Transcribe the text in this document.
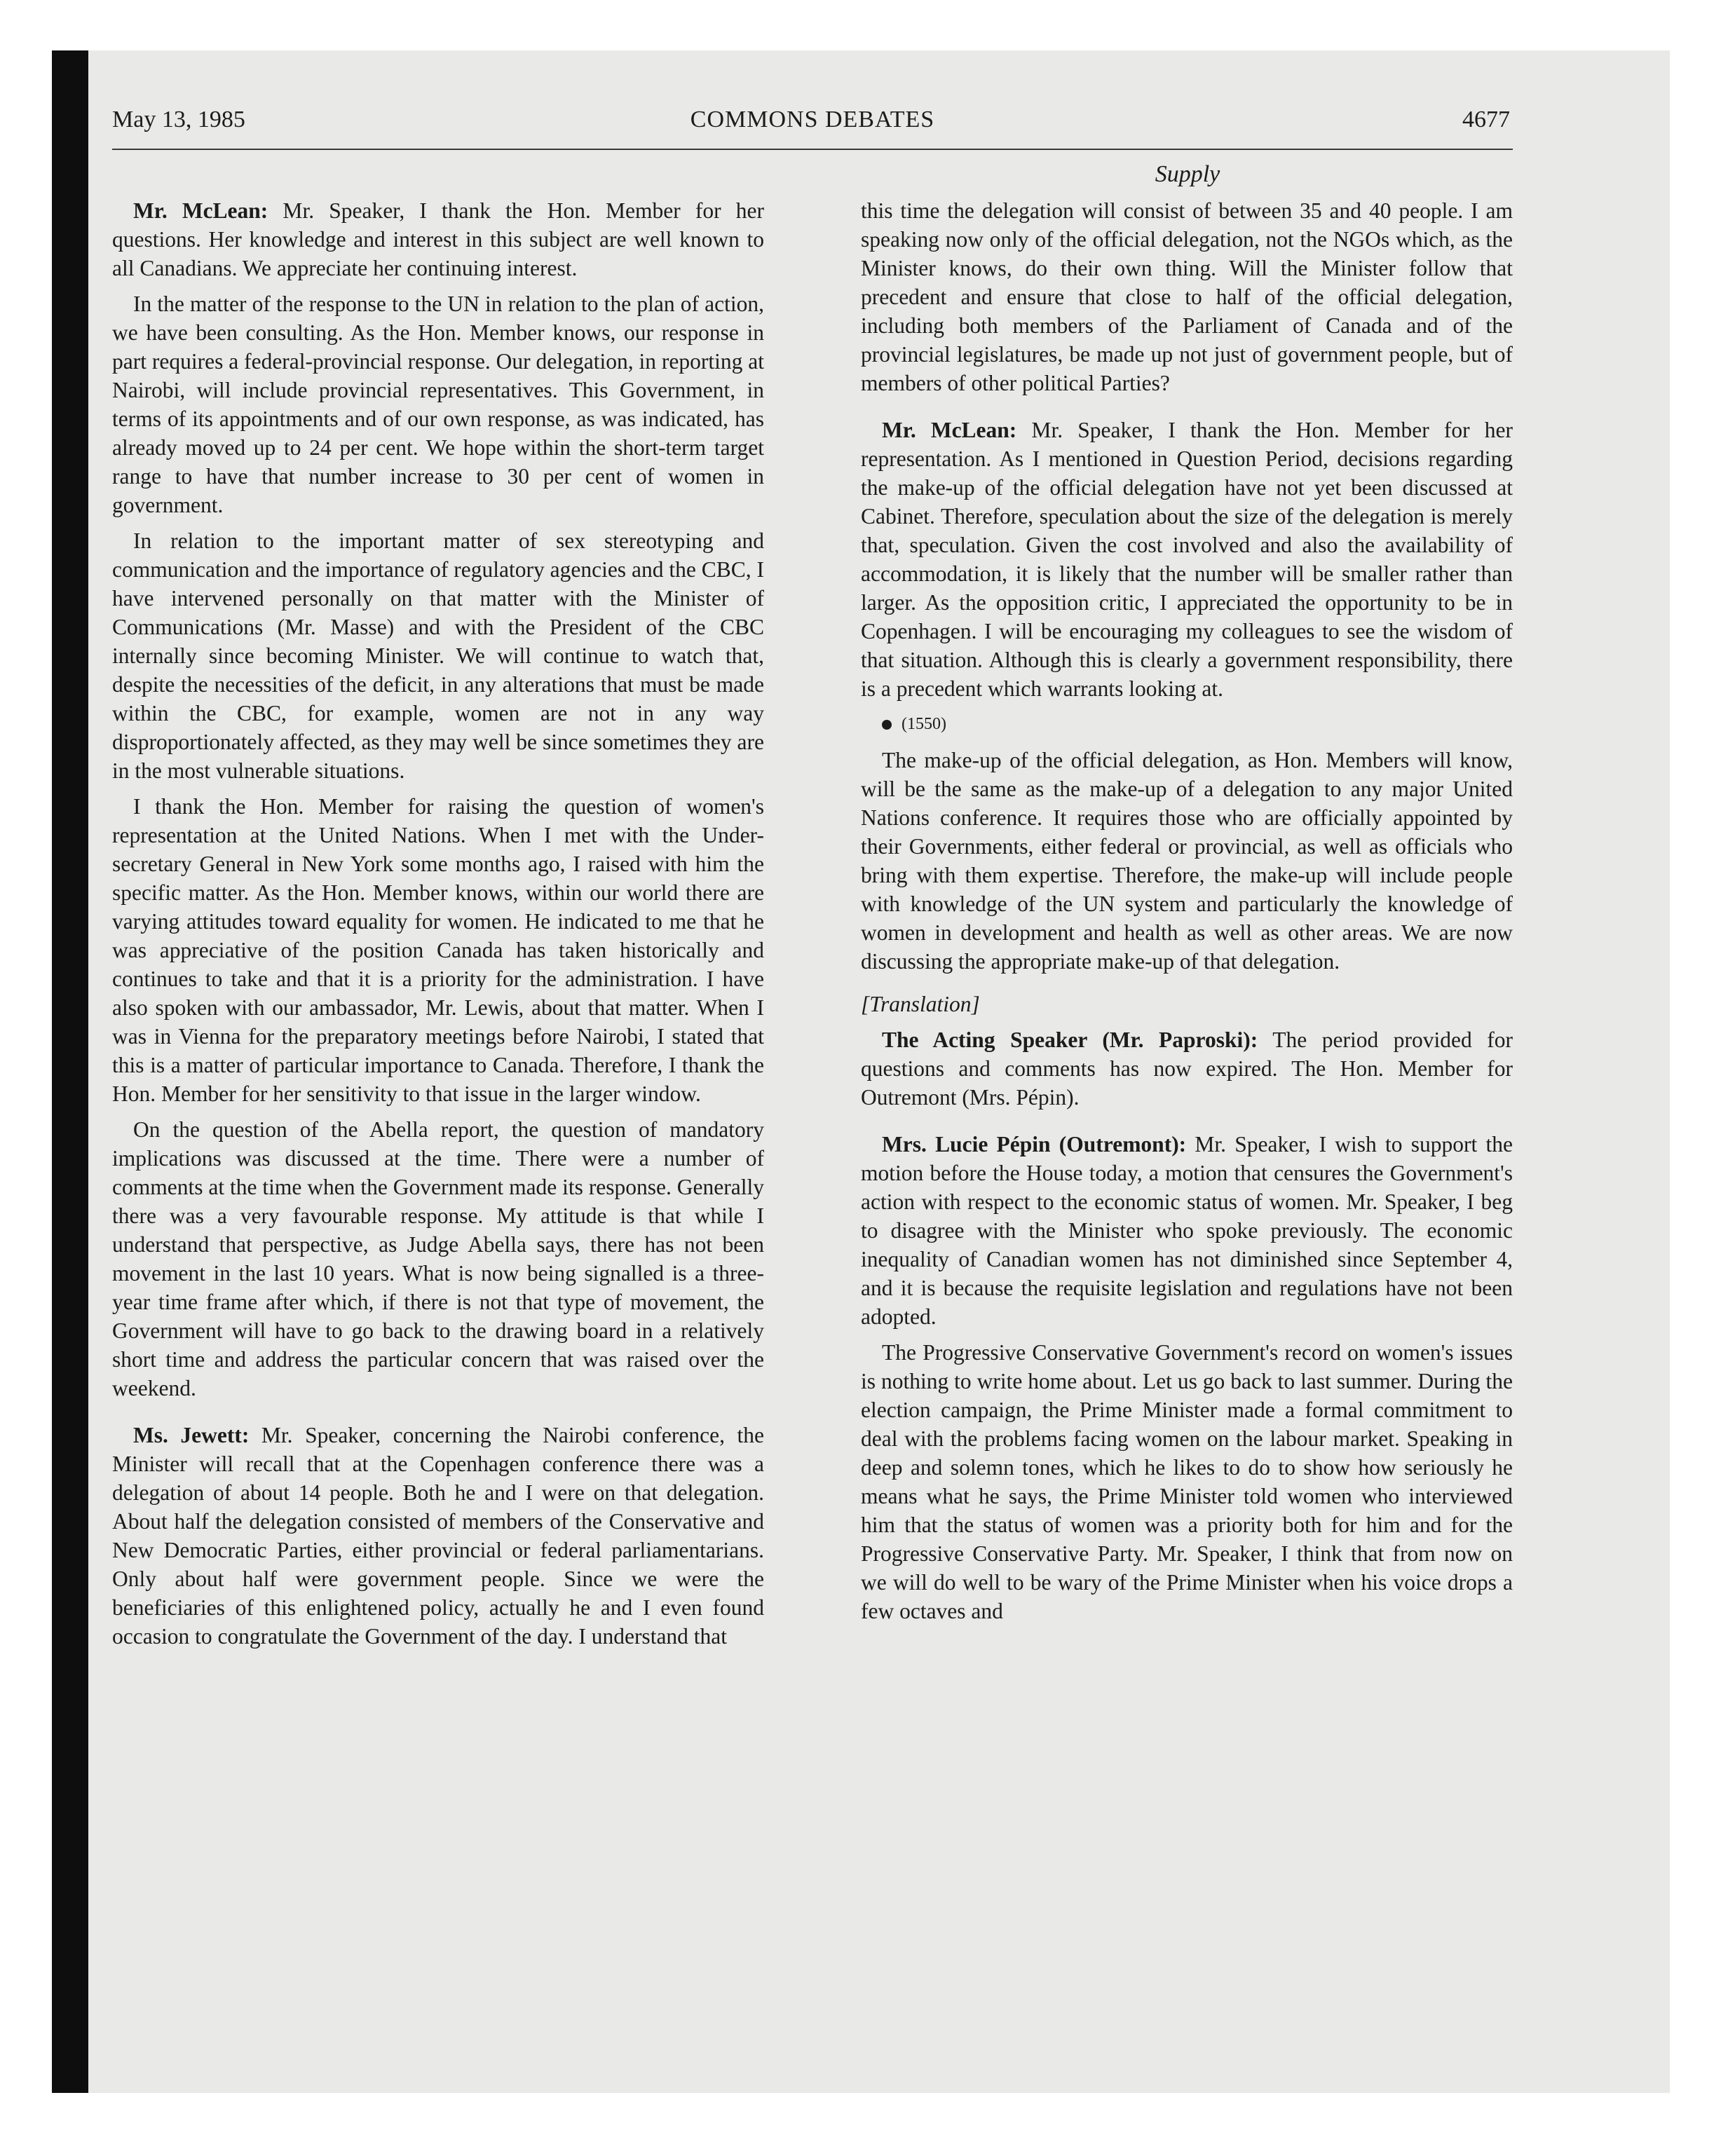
May 13, 1985	COMMONS DEBATES	4677
Supply

Mr. McLean: Mr. Speaker, I thank the Hon. Member for her questions. Her knowledge and interest in this subject are well known to all Canadians. We appreciate her continuing interest.

In the matter of the response to the UN in relation to the plan of action, we have been consulting. As the Hon. Member knows, our response in part requires a federal-provincial response. Our delegation, in reporting at Nairobi, will include provincial representatives. This Government, in terms of its appointments and of our own response, as was indicated, has already moved up to 24 per cent. We hope within the short-term target range to have that number increase to 30 per cent of women in government.

In relation to the important matter of sex stereotyping and communication and the importance of regulatory agencies and the CBC, I have intervened personally on that matter with the Minister of Communications (Mr. Masse) and with the President of the CBC internally since becoming Minister. We will continue to watch that, despite the necessities of the deficit, in any alterations that must be made within the CBC, for example, women are not in any way disproportionately affected, as they may well be since sometimes they are in the most vulnerable situations.

I thank the Hon. Member for raising the question of women's representation at the United Nations. When I met with the Under-secretary General in New York some months ago, I raised with him the specific matter. As the Hon. Member knows, within our world there are varying attitudes toward equality for women. He indicated to me that he was appreciative of the position Canada has taken historically and continues to take and that it is a priority for the administration. I have also spoken with our ambassador, Mr. Lewis, about that matter. When I was in Vienna for the preparatory meetings before Nairobi, I stated that this is a matter of particular importance to Canada. Therefore, I thank the Hon. Member for her sensitivity to that issue in the larger window.

On the question of the Abella report, the question of mandatory implications was discussed at the time. There were a number of comments at the time when the Government made its response. Generally there was a very favourable response. My attitude is that while I understand that perspective, as Judge Abella says, there has not been movement in the last 10 years. What is now being signalled is a three-year time frame after which, if there is not that type of movement, the Government will have to go back to the drawing board in a relatively short time and address the particular concern that was raised over the weekend.

Ms. Jewett: Mr. Speaker, concerning the Nairobi conference, the Minister will recall that at the Copenhagen conference there was a delegation of about 14 people. Both he and I were on that delegation. About half the delegation consisted of members of the Conservative and New Democratic Parties, either provincial or federal parliamentarians. Only about half were government people. Since we were the beneficiaries of this enlightened policy, actually he and I even found occasion to congratulate the Government of the day. I understand that

this time the delegation will consist of between 35 and 40 people. I am speaking now only of the official delegation, not the NGOs which, as the Minister knows, do their own thing. Will the Minister follow that precedent and ensure that close to half of the official delegation, including both members of the Parliament of Canada and of the provincial legislatures, be made up not just of government people, but of members of other political Parties?

Mr. McLean: Mr. Speaker, I thank the Hon. Member for her representation. As I mentioned in Question Period, decisions regarding the make-up of the official delegation have not yet been discussed at Cabinet. Therefore, speculation about the size of the delegation is merely that, speculation. Given the cost involved and also the availability of accommodation, it is likely that the number will be smaller rather than larger. As the opposition critic, I appreciated the opportunity to be in Copenhagen. I will be encouraging my colleagues to see the wisdom of that situation. Although this is clearly a government responsibility, there is a precedent which warrants looking at.

(1550)

The make-up of the official delegation, as Hon. Members will know, will be the same as the make-up of a delegation to any major United Nations conference. It requires those who are officially appointed by their Governments, either federal or provincial, as well as officials who bring with them expertise. Therefore, the make-up will include people with knowledge of the UN system and particularly the knowledge of women in development and health as well as other areas. We are now discussing the appropriate make-up of that delegation.

[Translation]

The Acting Speaker (Mr. Paproski): The period provided for questions and comments has now expired. The Hon. Member for Outremont (Mrs. Pépin).

Mrs. Lucie Pépin (Outremont): Mr. Speaker, I wish to support the motion before the House today, a motion that censures the Government's action with respect to the economic status of women. Mr. Speaker, I beg to disagree with the Minister who spoke previously. The economic inequality of Canadian women has not diminished since September 4, and it is because the requisite legislation and regulations have not been adopted.

The Progressive Conservative Government's record on women's issues is nothing to write home about. Let us go back to last summer. During the election campaign, the Prime Minister made a formal commitment to deal with the problems facing women on the labour market. Speaking in deep and solemn tones, which he likes to do to show how seriously he means what he says, the Prime Minister told women who interviewed him that the status of women was a priority both for him and for the Progressive Conservative Party. Mr. Speaker, I think that from now on we will do well to be wary of the Prime Minister when his voice drops a few octaves and
